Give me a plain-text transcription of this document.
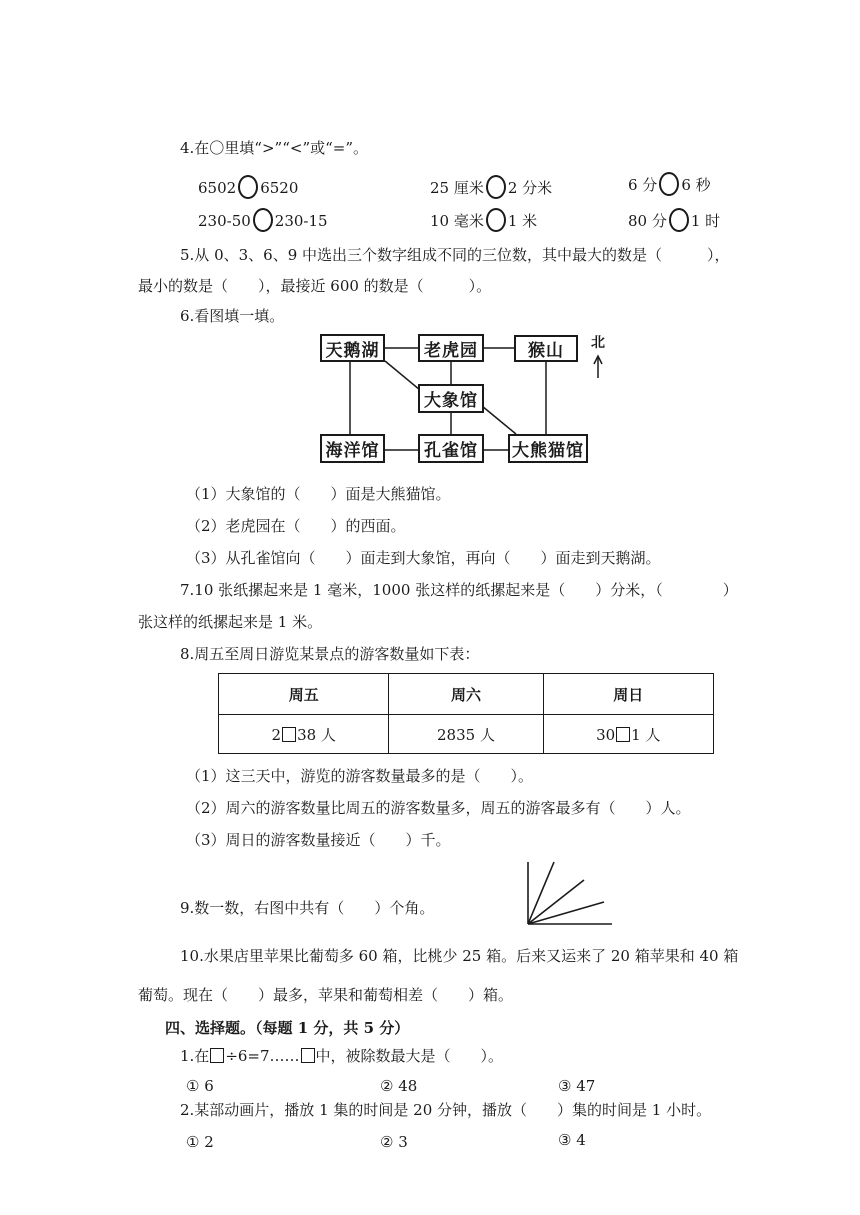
4.在〇里填“>”“<”或“=”。
6502 6520	25 厘米 2 分米	6 分 6 秒
230-50 230-15	10 毫米 1 米	80 分 1 时
5.从 0、3、6、9 中选出三个数字组成不同的三位数，其中最大的数是（　　　），
最小的数是（　　），最接近 600 的数是（　　　）。
6.看图填一填。
天鹅湖	老虎园	猴山
大象馆
海洋馆	孔雀馆	大熊猫馆
北
（1）大象馆的（　　）面是大熊猫馆。
（2）老虎园在（　　）的西面。
（3）从孔雀馆向（　　）面走到大象馆，再向（　　）面走到天鹅湖。
7.10 张纸摞起来是 1 毫米，1000 张这样的纸摞起来是（　　）分米，（　　　　）
张这样的纸摞起来是 1 米。
8.周五至周日游览某景点的游客数量如下表：
周五	周六	周日
2 38 人	2835 人	30 1 人
（1）这三天中，游览的游客数量最多的是（　　）。
（2）周六的游客数量比周五的游客数量多，周五的游客最多有（　　）人。
（3）周日的游客数量接近（　　）千。
9.数一数，右图中共有（　　）个角。
10.水果店里苹果比葡萄多 60 箱，比桃少 25 箱。后来又运来了 20 箱苹果和 40 箱
葡萄。现在（　　）最多，苹果和葡萄相差（　　）箱。
四、选择题。（每题 1 分，共 5 分）
1.在 ÷6=7…… 中，被除数最大是（　　）。
① 6	② 48	③ 47
2.某部动画片，播放 1 集的时间是 20 分钟，播放（　　）集的时间是 1 小时。
① 2	② 3	③ 4
